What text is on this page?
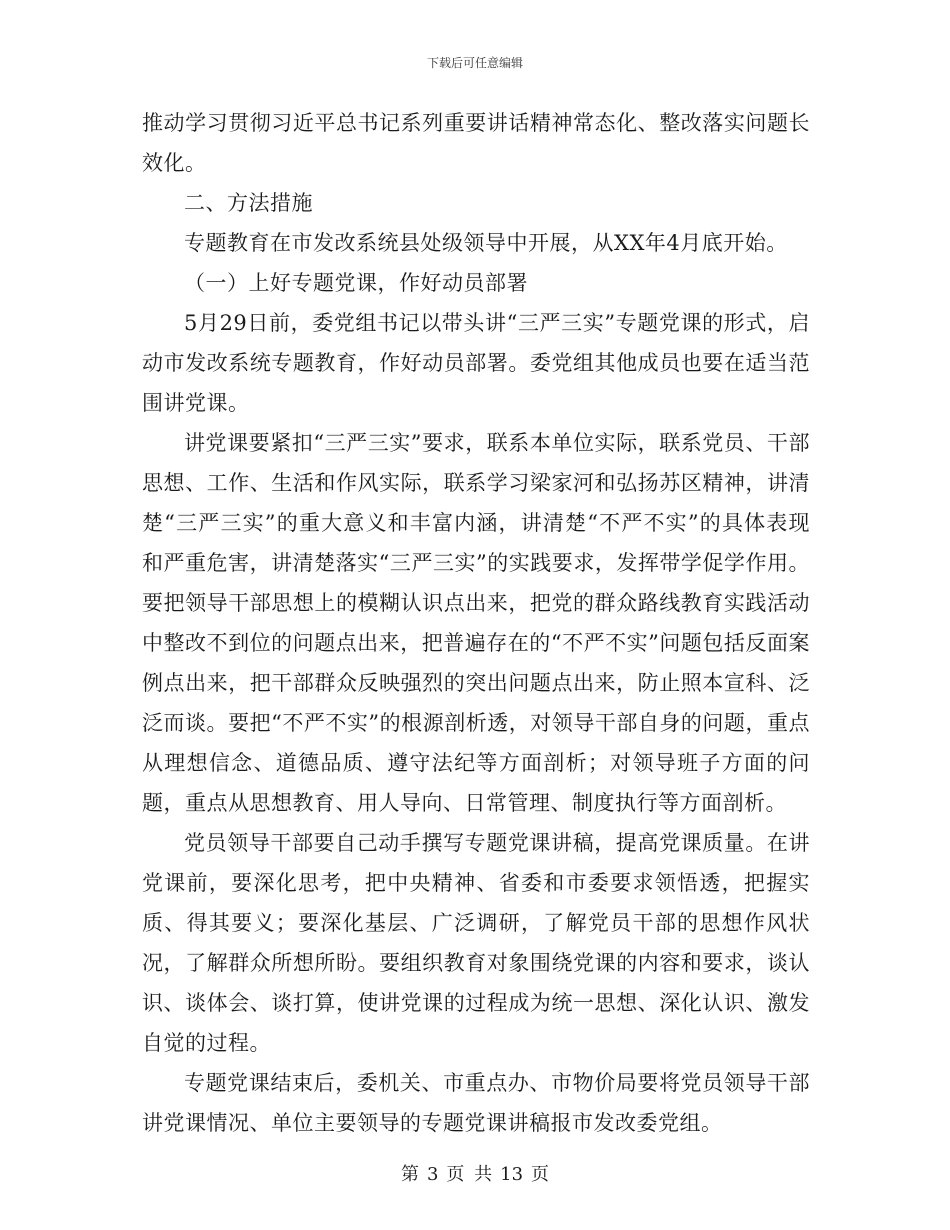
下载后可任意编辑

推动学习贯彻习近平总书记系列重要讲话精神常态化、整改落实问题长效化。

二、方法措施

专题教育在市发改系统县处级领导中开展，从XX年4月底开始。

（一）上好专题党课，作好动员部署

5月29日前，委党组书记以带头讲“三严三实”专题党课的形式，启动市发改系统专题教育，作好动员部署。委党组其他成员也要在适当范围讲党课。

讲党课要紧扣“三严三实”要求，联系本单位实际，联系党员、干部思想、工作、生活和作风实际，联系学习梁家河和弘扬苏区精神，讲清楚“三严三实”的重大意义和丰富内涵，讲清楚“不严不实”的具体表现和严重危害，讲清楚落实“三严三实”的实践要求，发挥带学促学作用。要把领导干部思想上的模糊认识点出来，把党的群众路线教育实践活动中整改不到位的问题点出来，把普遍存在的“不严不实”问题包括反面案例点出来，把干部群众反映强烈的突出问题点出来，防止照本宣科、泛泛而谈。要把“不严不实”的根源剖析透，对领导干部自身的问题，重点从理想信念、道德品质、遵守法纪等方面剖析；对领导班子方面的问题，重点从思想教育、用人导向、日常管理、制度执行等方面剖析。

党员领导干部要自己动手撰写专题党课讲稿，提高党课质量。在讲党课前，要深化思考，把中央精神、省委和市委要求领悟透，把握实质、得其要义；要深化基层、广泛调研，了解党员干部的思想作风状况，了解群众所想所盼。要组织教育对象围绕党课的内容和要求，谈认识、谈体会、谈打算，使讲党课的过程成为统一思想、深化认识、激发自觉的过程。

专题党课结束后，委机关、市重点办、市物价局要将党员领导干部讲党课情况、单位主要领导的专题党课讲稿报市发改委党组。

第 3 页 共 13 页
